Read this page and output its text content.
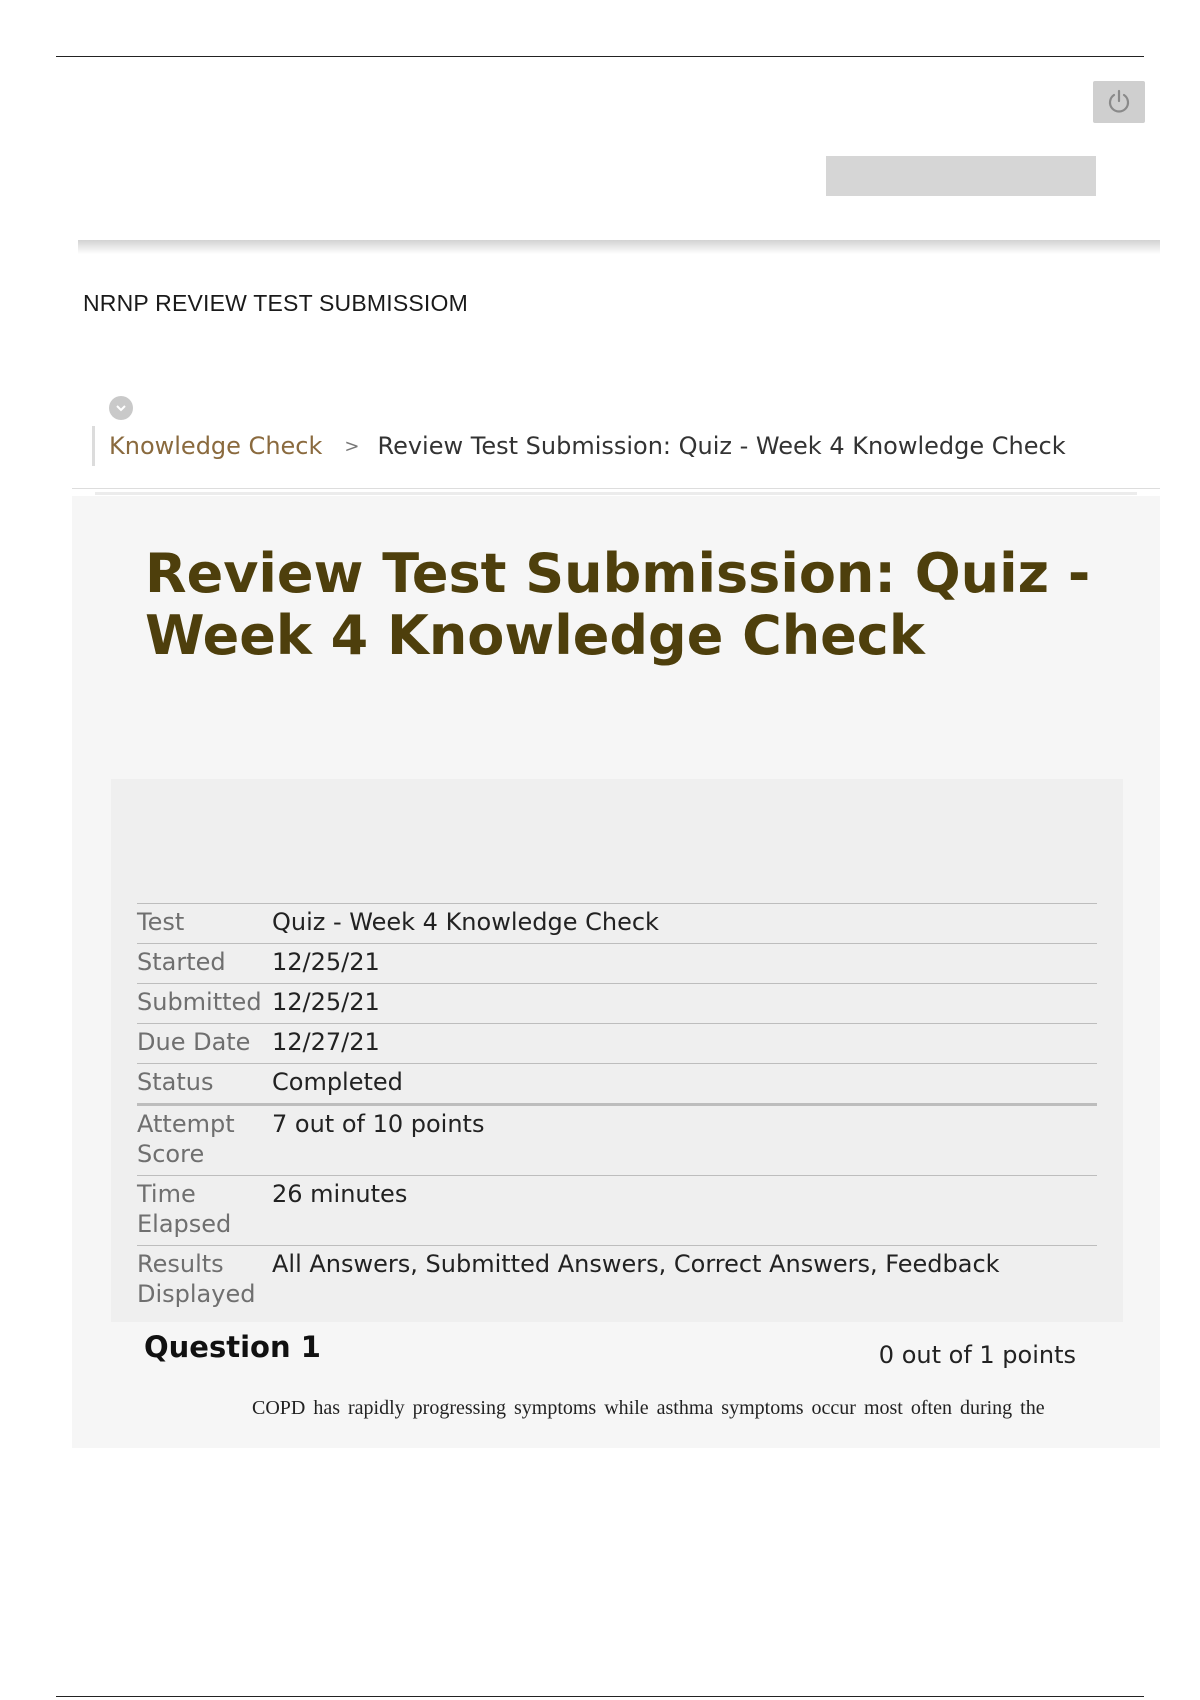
NRNP REVIEW TEST SUBMISSIOM
Knowledge Check > Review Test Submission: Quiz - Week 4 Knowledge Check
Review Test Submission: Quiz - Week 4 Knowledge Check
Test	Quiz - Week 4 Knowledge Check
Started	12/25/21
Submitted	12/25/21
Due Date	12/27/21
Status	Completed
Attempt Score	7 out of 10 points
Time Elapsed	26 minutes
Results Displayed	All Answers, Submitted Answers, Correct Answers, Feedback
Question 1	0 out of 1 points
COPD has rapidly progressing symptoms while asthma symptoms occur most often during the
